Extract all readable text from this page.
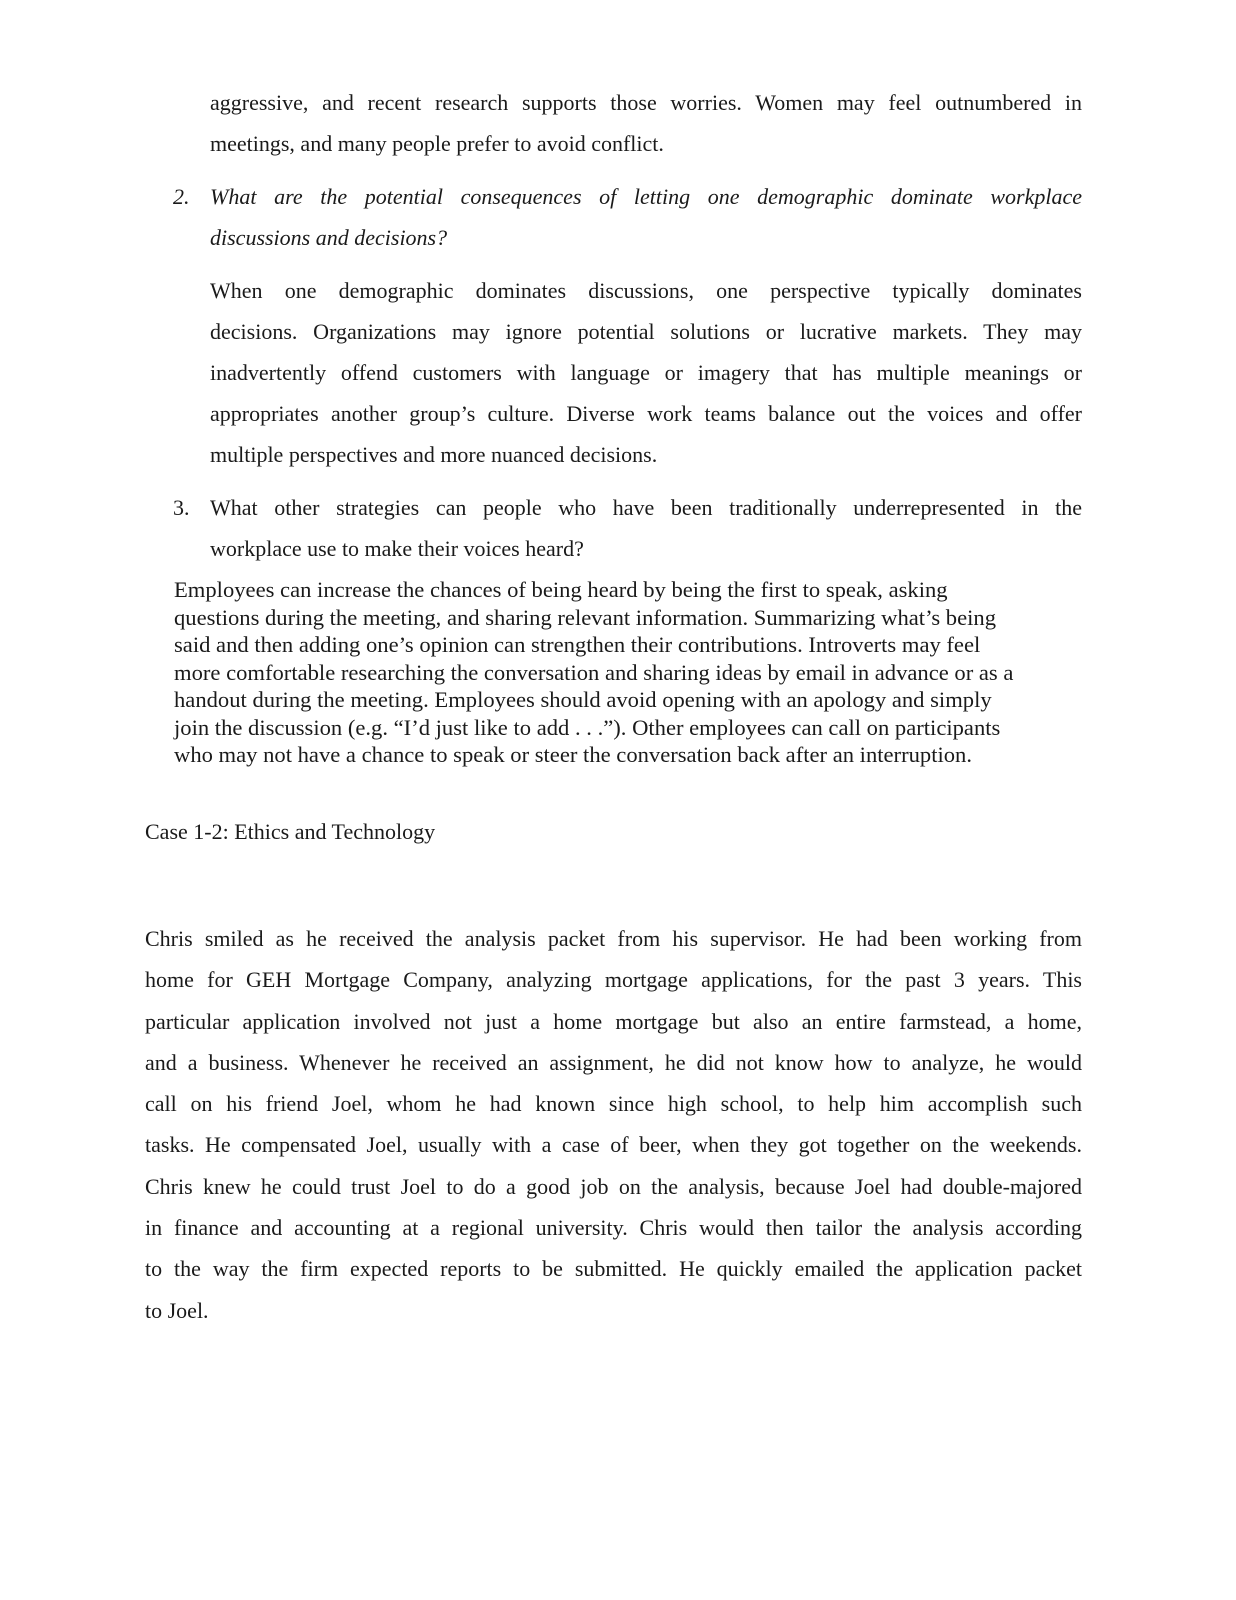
aggressive, and recent research supports those worries. Women may feel outnumbered in
meetings, and many people prefer to avoid conflict.
2. What are the potential consequences of letting one demographic dominate workplace
discussions and decisions?
When one demographic dominates discussions, one perspective typically dominates
decisions. Organizations may ignore potential solutions or lucrative markets. They may
inadvertently offend customers with language or imagery that has multiple meanings or
appropriates another group’s culture. Diverse work teams balance out the voices and offer
multiple perspectives and more nuanced decisions.
3. What other strategies can people who have been traditionally underrepresented in the
workplace use to make their voices heard?
Employees can increase the chances of being heard by being the first to speak, asking
questions during the meeting, and sharing relevant information. Summarizing what’s being
said and then adding one’s opinion can strengthen their contributions. Introverts may feel
more comfortable researching the conversation and sharing ideas by email in advance or as a
handout during the meeting. Employees should avoid opening with an apology and simply
join the discussion (e.g. “I’d just like to add . . .”). Other employees can call on participants
who may not have a chance to speak or steer the conversation back after an interruption.
Case 1-2: Ethics and Technology
Chris smiled as he received the analysis packet from his supervisor. He had been working from
home for GEH Mortgage Company, analyzing mortgage applications, for the past 3 years. This
particular application involved not just a home mortgage but also an entire farmstead, a home,
and a business. Whenever he received an assignment, he did not know how to analyze, he would
call on his friend Joel, whom he had known since high school, to help him accomplish such
tasks. He compensated Joel, usually with a case of beer, when they got together on the weekends.
Chris knew he could trust Joel to do a good job on the analysis, because Joel had double-majored
in finance and accounting at a regional university. Chris would then tailor the analysis according
to the way the firm expected reports to be submitted. He quickly emailed the application packet
to Joel.
